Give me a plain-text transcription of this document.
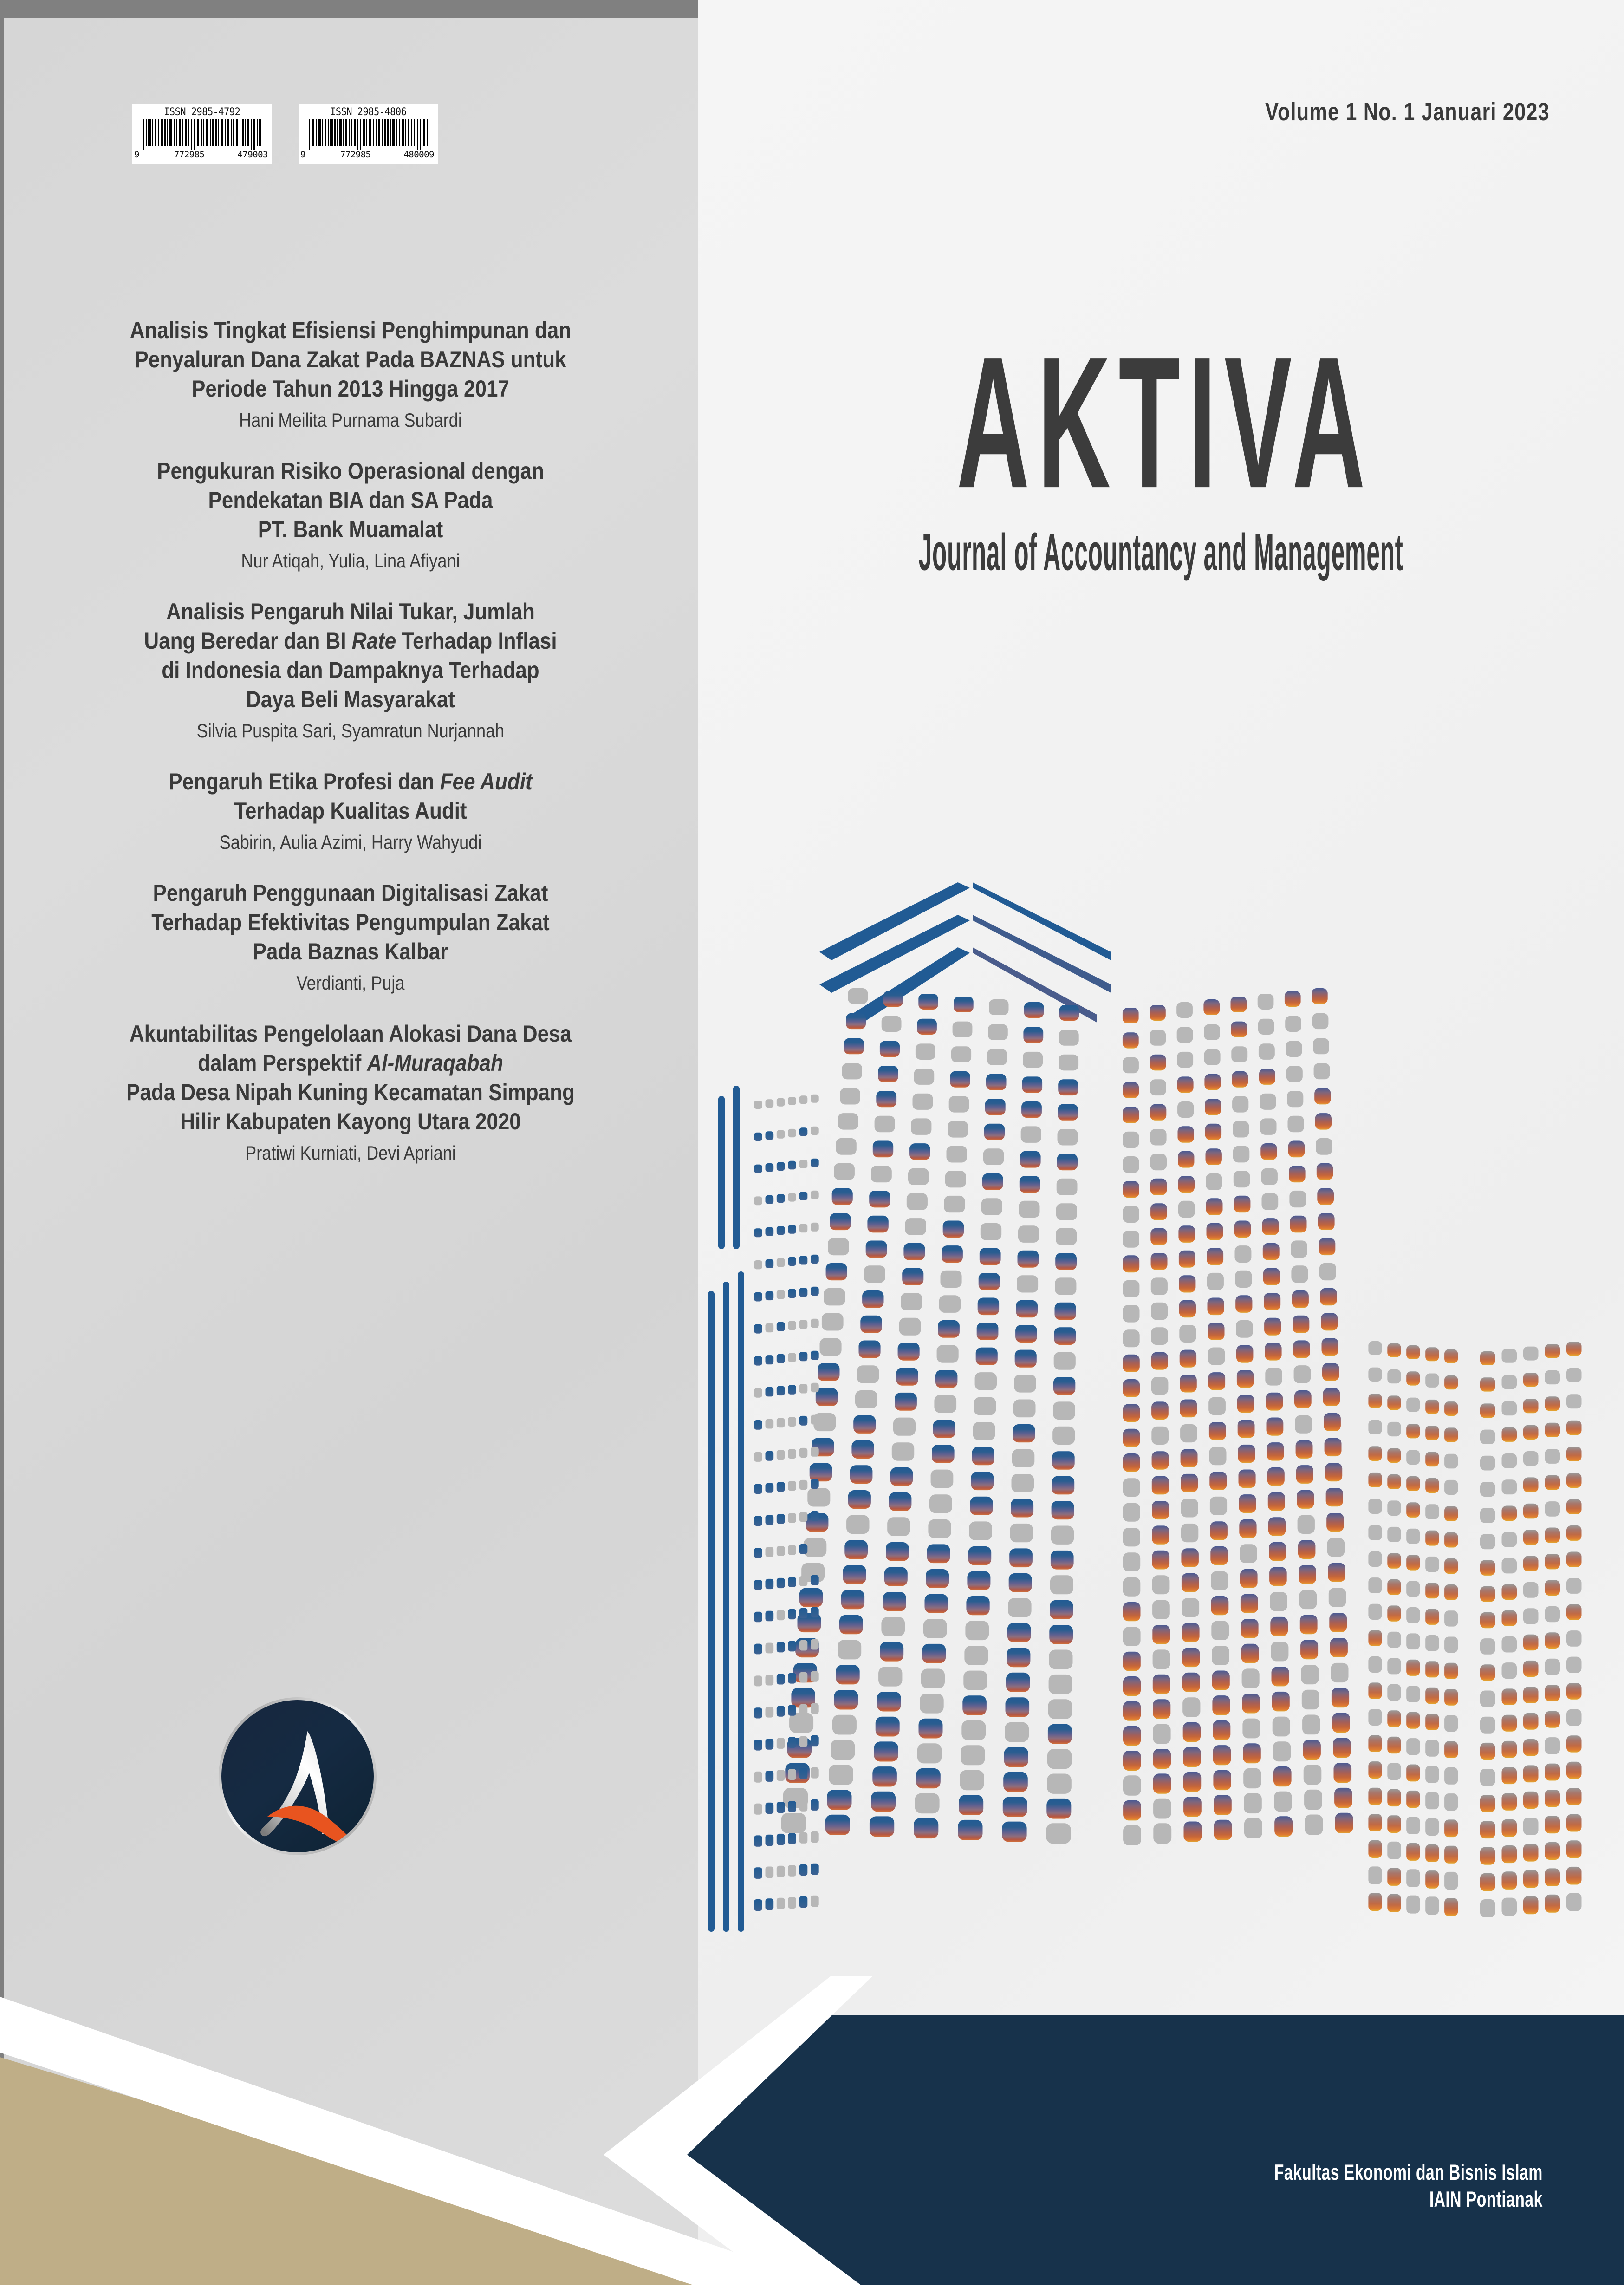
ISSN 2985-4792
9	772985	479003
ISSN 2985-4806
9	772985	480009
Volume 1 No. 1 Januari 2023
AKTIVA
Journal of Accountancy and Management
Analisis Tingkat Efisiensi Penghimpunan dan
Penyaluran Dana Zakat Pada BAZNAS untuk
Periode Tahun 2013 Hingga 2017
Hani Meilita Purnama Subardi
Pengukuran Risiko Operasional dengan
Pendekatan BIA dan SA Pada
PT. Bank Muamalat
Nur Atiqah, Yulia, Lina Afiyani
Analisis Pengaruh Nilai Tukar, Jumlah
Uang Beredar dan BI Rate Terhadap Inflasi
di Indonesia dan Dampaknya Terhadap
Daya Beli Masyarakat
Silvia Puspita Sari, Syamratun Nurjannah
Pengaruh Etika Profesi dan Fee Audit
Terhadap Kualitas Audit
Sabirin, Aulia Azimi, Harry Wahyudi
Pengaruh Penggunaan Digitalisasi Zakat
Terhadap Efektivitas Pengumpulan Zakat
Pada Baznas Kalbar
Verdianti, Puja
Akuntabilitas Pengelolaan Alokasi Dana Desa
dalam Perspektif Al-Muraqabah
Pada Desa Nipah Kuning Kecamatan Simpang
Hilir Kabupaten Kayong Utara 2020
Pratiwi Kurniati, Devi Apriani
Fakultas Ekonomi dan Bisnis Islam
IAIN Pontianak
